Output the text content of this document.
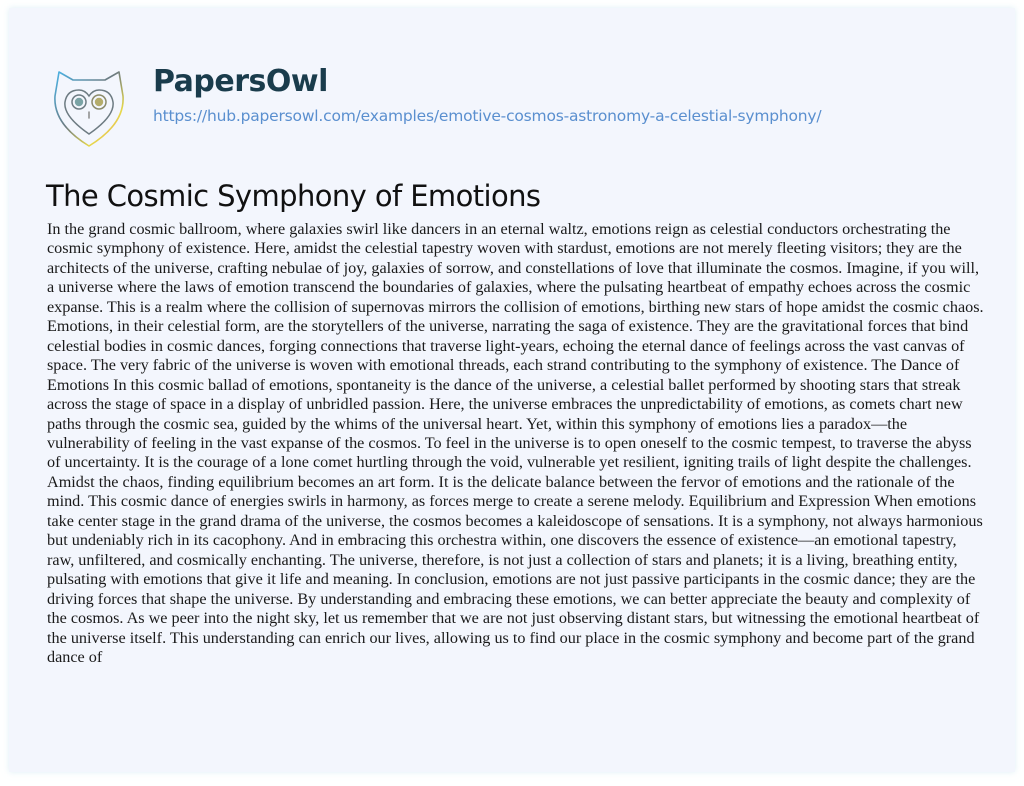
PapersOwl
https://hub.papersowl.com/examples/emotive-cosmos-astronomy-a-celestial-symphony/
The Cosmic Symphony of Emotions
In the grand cosmic ballroom, where galaxies swirl like dancers in an eternal waltz, emotions reign as celestial conductors orchestrating the
cosmic symphony of existence. Here, amidst the celestial tapestry woven with stardust, emotions are not merely fleeting visitors; they are the
architects of the universe, crafting nebulae of joy, galaxies of sorrow, and constellations of love that illuminate the cosmos. Imagine, if you will,
a universe where the laws of emotion transcend the boundaries of galaxies, where the pulsating heartbeat of empathy echoes across the cosmic
expanse. This is a realm where the collision of supernovas mirrors the collision of emotions, birthing new stars of hope amidst the cosmic chaos.
Emotions, in their celestial form, are the storytellers of the universe, narrating the saga of existence. They are the gravitational forces that bind
celestial bodies in cosmic dances, forging connections that traverse light-years, echoing the eternal dance of feelings across the vast canvas of
space. The very fabric of the universe is woven with emotional threads, each strand contributing to the symphony of existence. The Dance of
Emotions In this cosmic ballad of emotions, spontaneity is the dance of the universe, a celestial ballet performed by shooting stars that streak
across the stage of space in a display of unbridled passion. Here, the universe embraces the unpredictability of emotions, as comets chart new
paths through the cosmic sea, guided by the whims of the universal heart. Yet, within this symphony of emotions lies a paradox—the
vulnerability of feeling in the vast expanse of the cosmos. To feel in the universe is to open oneself to the cosmic tempest, to traverse the abyss
of uncertainty. It is the courage of a lone comet hurtling through the void, vulnerable yet resilient, igniting trails of light despite the challenges.
Amidst the chaos, finding equilibrium becomes an art form. It is the delicate balance between the fervor of emotions and the rationale of the
mind. This cosmic dance of energies swirls in harmony, as forces merge to create a serene melody. Equilibrium and Expression When emotions
take center stage in the grand drama of the universe, the cosmos becomes a kaleidoscope of sensations. It is a symphony, not always harmonious
but undeniably rich in its cacophony. And in embracing this orchestra within, one discovers the essence of existence—an emotional tapestry,
raw, unfiltered, and cosmically enchanting. The universe, therefore, is not just a collection of stars and planets; it is a living, breathing entity,
pulsating with emotions that give it life and meaning. In conclusion, emotions are not just passive participants in the cosmic dance; they are the
driving forces that shape the universe. By understanding and embracing these emotions, we can better appreciate the beauty and complexity of
the cosmos. As we peer into the night sky, let us remember that we are not just observing distant stars, but witnessing the emotional heartbeat of
the universe itself. This understanding can enrich our lives, allowing us to find our place in the cosmic symphony and become part of the grand
dance of
